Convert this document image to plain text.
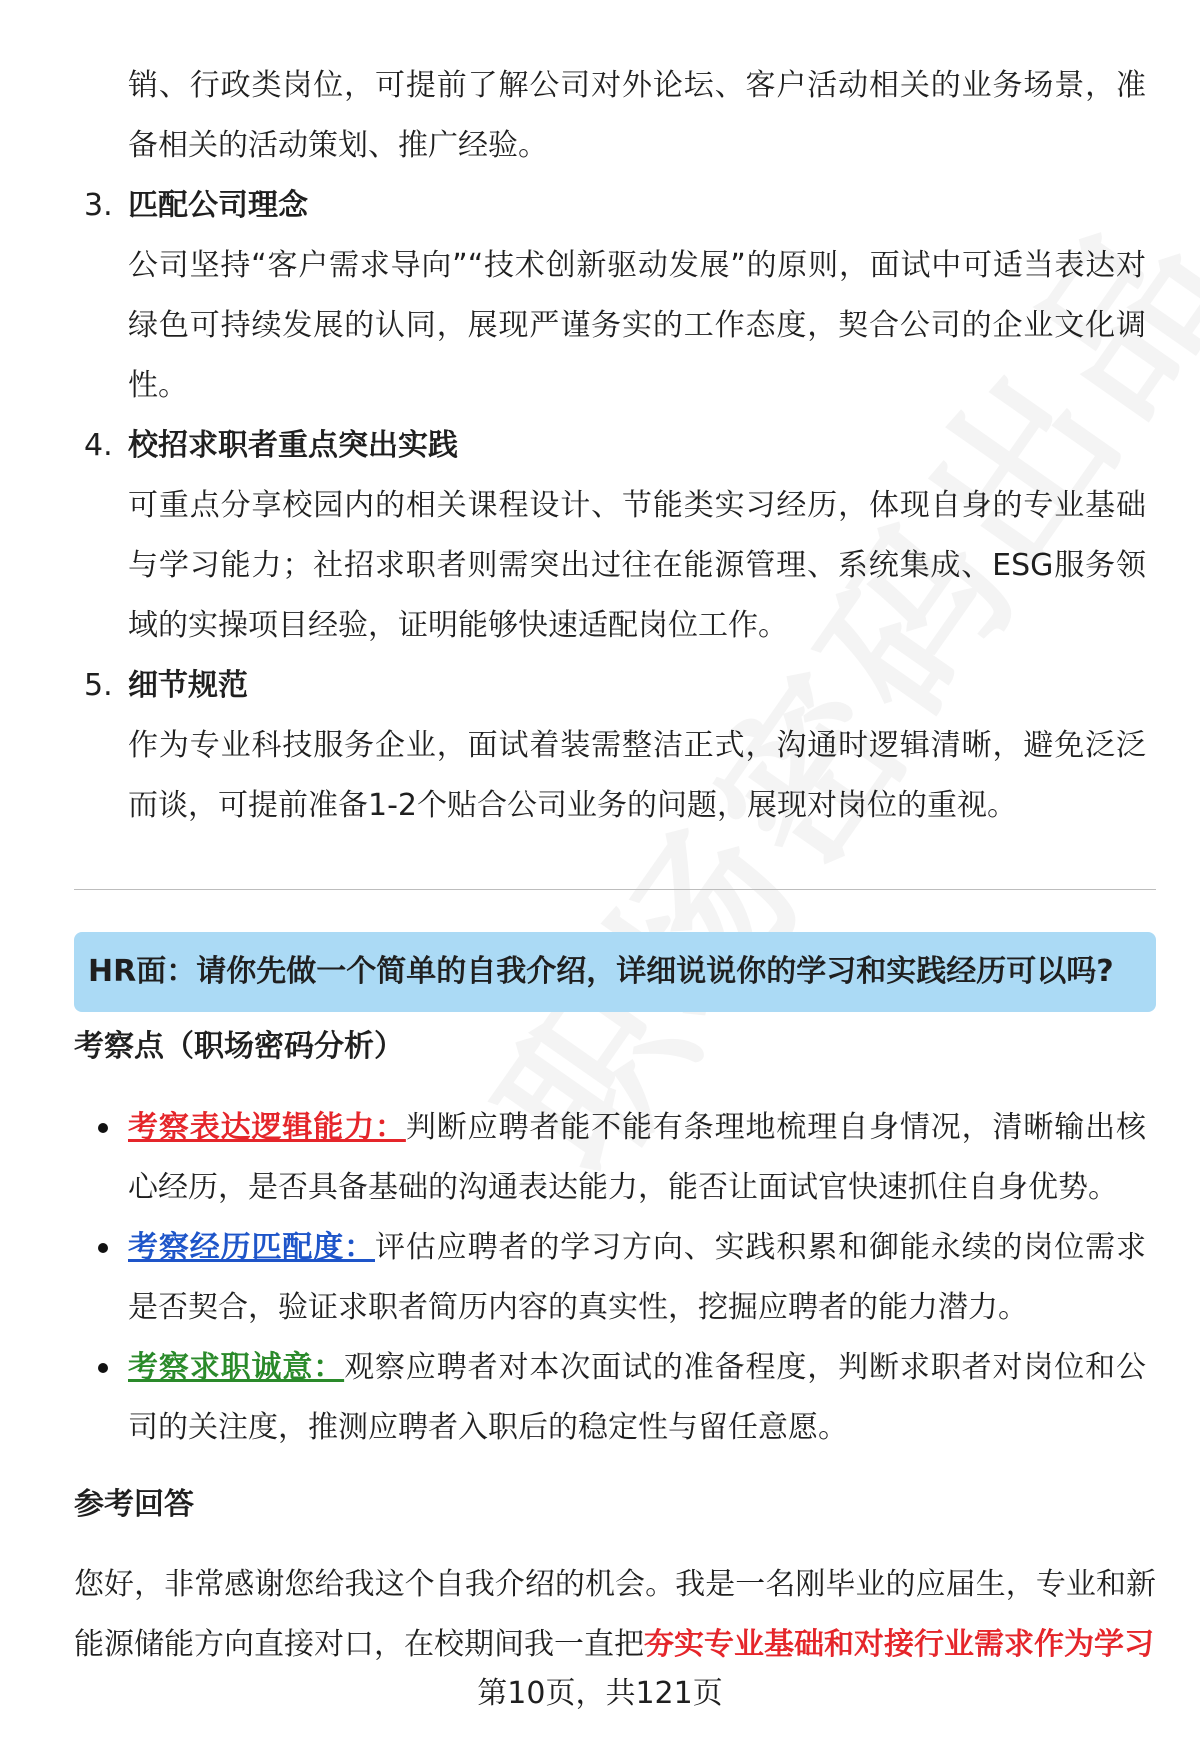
销、行政类岗位，可提前了解公司对外论坛、客户活动相关的业务场景，准备相关的活动策划、推广经验。
3. 匹配公司理念
公司坚持“客户需求导向”“技术创新驱动发展”的原则，面试中可适当表达对绿色可持续发展的认同，展现严谨务实的工作态度，契合公司的企业文化调性。
4. 校招求职者重点突出实践
可重点分享校园内的相关课程设计、节能类实习经历，体现自身的专业基础与学习能力；社招求职者则需突出过往在能源管理、系统集成、ESG服务领域的实操项目经验，证明能够快速适配岗位工作。
5. 细节规范
作为专业科技服务企业，面试着装需整洁正式，沟通时逻辑清晰，避免泛泛而谈，可提前准备1-2个贴合公司业务的问题，展现对岗位的重视。
HR面：请你先做一个简单的自我介绍，详细说说你的学习和实践经历可以吗?
考察点（职场密码分析）
考察表达逻辑能力：判断应聘者能不能有条理地梳理自身情况，清晰输出核心经历，是否具备基础的沟通表达能力，能否让面试官快速抓住自身优势。
考察经历匹配度：评估应聘者的学习方向、实践积累和御能永续的岗位需求是否契合，验证求职者简历内容的真实性，挖掘应聘者的能力潜力。
考察求职诚意：观察应聘者对本次面试的准备程度，判断求职者对岗位和公司的关注度，推测应聘者入职后的稳定性与留任意愿。
参考回答
您好，非常感谢您给我这个自我介绍的机会。我是一名刚毕业的应届生，专业和新能源储能方向直接对口，在校期间我一直把夯实专业基础和对接行业需求作为学习
第10页，共121页
